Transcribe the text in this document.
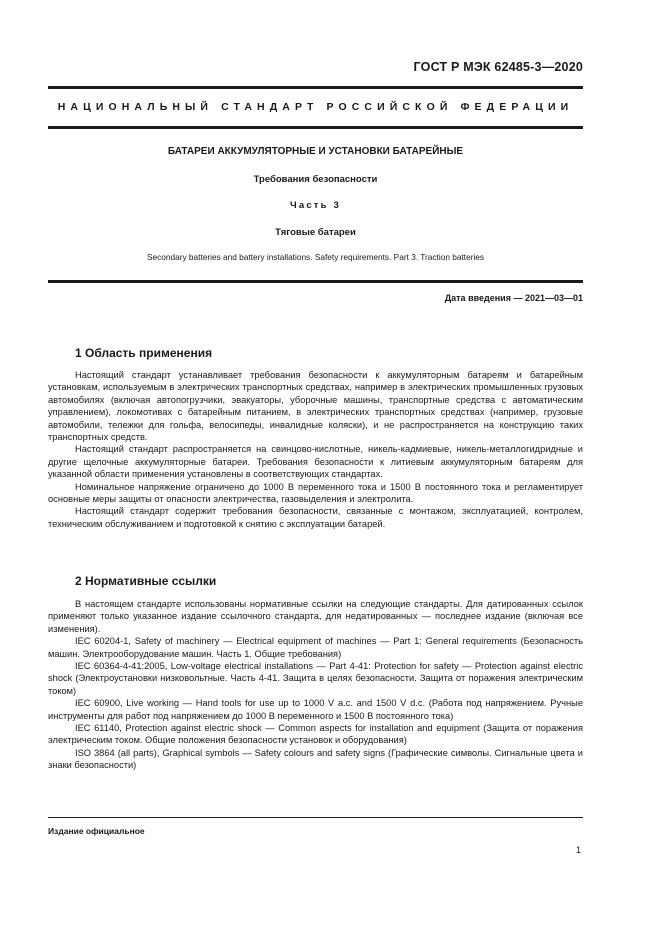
ГОСТ Р МЭК 62485-3—2020
НАЦИОНАЛЬНЫЙ СТАНДАРТ РОССИЙСКОЙ ФЕДЕРАЦИИ
БАТАРЕИ АККУМУЛЯТОРНЫЕ И УСТАНОВКИ БАТАРЕЙНЫЕ
Требования безопасности
Часть 3
Тяговые батареи
Secondary batteries and battery installations. Safety requirements. Part 3. Traction batteries
Дата введения — 2021—03—01
1 Область применения

Настоящий стандарт устанавливает требования безопасности к аккумуляторным батареям и батарейным установкам, используемым в электрических транспортных средствах, например в электрических промышленных грузовых автомобилях (включая автопогрузчики, эвакуаторы, уборочные машины, транспортные средства с автоматическим управлением), локомотивах с батарейным питанием, в электрических транспортных средствах (например, грузовые автомобили, тележки для гольфа, велосипеды, инвалидные коляски), и не распространяется на конструкцию таких транспортных средств.

Настоящий стандарт распространяется на свинцово-кислотные, никель-кадмиевые, никель-металлогидридные и другие щелочные аккумуляторные батареи. Требования безопасности к литиевым аккумуляторным батареям для указанной области применения установлены в соответствующих стандартах.

Номинальное напряжение ограничено до 1000 В переменного тока и 1500 В постоянного тока и регламентирует основные меры защиты от опасности электричества, газовыделения и электролита.

Настоящий стандарт содержит требования безопасности, связанные с монтажом, эксплуатацией, контролем, техническим обслуживанием и подготовкой к снятию с эксплуатации батарей.

2 Нормативные ссылки

В настоящем стандарте использованы нормативные ссылки на следующие стандарты. Для датированных ссылок применяют только указанное издание ссылочного стандарта, для недатированных — последнее издание (включая все изменения).

IEC 60204-1, Safety of machinery — Electrical equipment of machines — Part 1: General requirements (Безопасность машин. Электрооборудование машин. Часть 1. Общие требования)

IEC 60364-4-41:2005, Low-voltage electrical installations — Part 4-41: Protection for safety — Protection against electric shock (Электроустановки низковольтные. Часть 4-41. Защита в целях безопасности. Защита от поражения электрическим током)

IEC 60900, Live working — Hand tools for use up to 1000 V a.c. and 1500 V d.c. (Работа под напряжением. Ручные инструменты для работ под напряжением до 1000 В переменного и 1500 В постоянного тока)

IEC 61140, Protection against electric shock — Common aspects for installation and equipment (Защита от поражения электрическим током. Общие положения безопасности установок и оборудования)

ISO 3864 (all parts), Graphical symbols — Safety colours and safety signs (Графические символы. Сигнальные цвета и знаки безопасности)

Издание официальное
1
